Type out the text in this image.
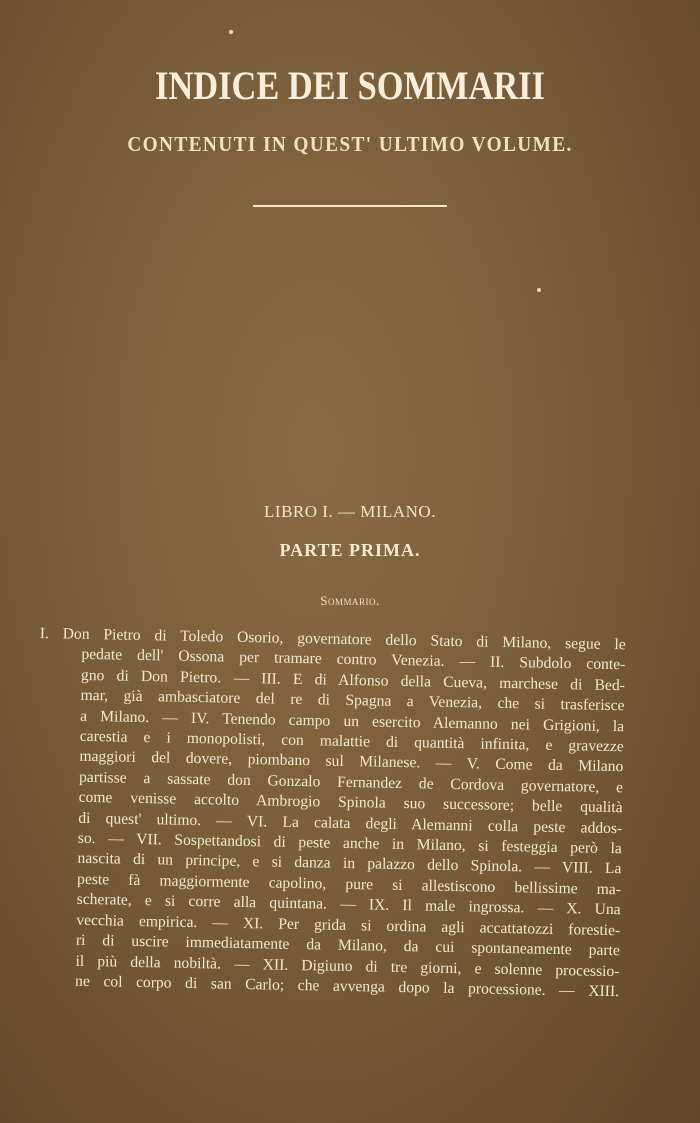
INDICE DEI SOMMARII
CONTENUTI IN QUEST' ULTIMO VOLUME.
LIBRO I. — MILANO.
PARTE PRIMA.
Sommario.
I. Don Pietro di Toledo Osorio, governatore dello Stato di Milano, segue le
pedate dell' Ossona per tramare contro Venezia. — II. Subdolo conte-
gno di Don Pietro. — III. E di Alfonso della Cueva, marchese di Bed-
mar, già ambasciatore del re di Spagna a Venezia, che si trasferisce
a Milano. — IV. Tenendo campo un esercito Alemanno nei Grigioni, la
carestia e i monopolisti, con malattie di quantità infinita, e gravezze
maggiori del dovere, piombano sul Milanese. — V. Come da Milano
partisse a sassate don Gonzalo Fernandez de Cordova governatore, e
come venisse accolto Ambrogio Spinola suo successore; belle qualità
di quest' ultimo. — VI. La calata degli Alemanni colla peste addos-
so. — VII. Sospettandosi di peste anche in Milano, si festeggia però la
nascita di un principe, e si danza in palazzo dello Spinola. — VIII. La
peste fà maggiormente capolino, pure si allestiscono bellissime ma-
scherate, e si corre alla quintana. — IX. Il male ingrossa. — X. Una
vecchia empirica. — XI. Per grida si ordina agli accattatozzi forestie-
ri di uscire immediatamente da Milano, da cui spontaneamente parte
il più della nobiltà. — XII. Digiuno di tre giorni, e solenne processio-
ne col corpo di san Carlo; che avvenga dopo la processione. — XIII.
